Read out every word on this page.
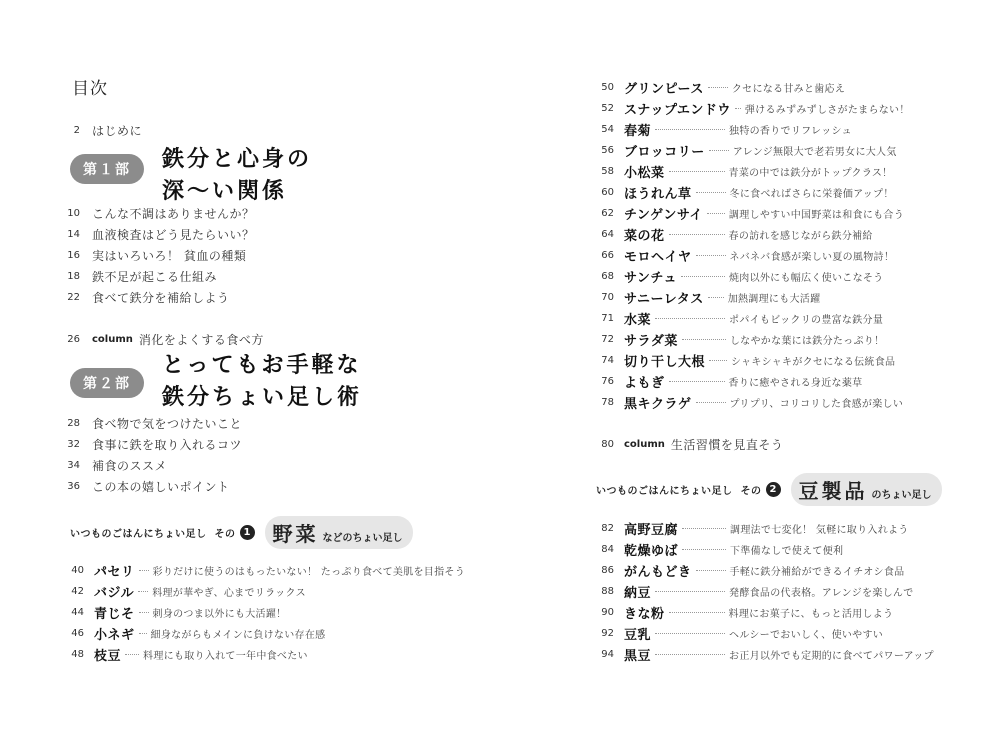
目次
2 はじめに
第１部	鉄分と心身の
深〜い関係
10 こんな不調はありませんか？
14 血液検査はどう見たらいい？
16 実はいろいろ！ 貧血の種類
18 鉄不足が起こる仕組み
22 食べて鉄分を補給しよう
26 column 消化をよくする食べ方
第２部
とってもお手軽な
鉄分ちょい足し術
28 食べ物で気をつけたいこと
32 食事に鉄を取り入れるコツ
34 補食のススメ
36 この本の嬉しいポイント
いつものごはんにちょい足し その 1 野菜 などのちょい足し
40 パセリ 彩りだけに使うのはもったいない！ たっぷり食べて美肌を目指そう
42 バジル 料理が華やぎ、心までリラックス
44 青じそ 刺身のつま以外にも大活躍！
46 小ネギ 細身ながらもメインに負けない存在感
48 枝豆 料理にも取り入れて一年中食べたい
50 グリンピース	クセになる甘みと歯応え
52 スナップエンドウ 弾けるみずみずしさがたまらない！
54 春菊	独特の香りでリフレッシュ
56 ブロッコリー	アレンジ無限大で老若男女に大人気
58 小松菜	青菜の中では鉄分がトップクラス！
60 ほうれん草	冬に食べればさらに栄養価アップ！
62 チンゲンサイ	調理しやすい中国野菜は和食にも合う
64 菜の花	春の訪れを感じながら鉄分補給
66 モロヘイヤ	ネバネバ食感が楽しい夏の風物詩！
68 サンチュ	焼肉以外にも幅広く使いこなそう
70 サニーレタス 加熱調理にも大活躍
71 水菜	ポパイもビックリの豊富な鉄分量
72 サラダ菜	しなやかな葉には鉄分たっぷり！
74 切り干し大根	シャキシャキがクセになる伝統食品
76 よもぎ	香りに癒やされる身近な薬草
78 黒キクラゲ	プリプリ、コリコリした食感が楽しい
80 column 生活習慣を見直そう
いつものごはんにちょい足し その 2 豆製品 のちょい足し
82 高野豆腐	調理法で七変化！ 気軽に取り入れよう
84 乾燥ゆば	下準備なしで使えて便利
86 がんもどき	手軽に鉄分補給ができるイチオシ食品
88 納豆	発酵食品の代表格。アレンジを楽しんで
90 きな粉	料理にお菓子に、もっと活用しよう
92 豆乳	ヘルシーでおいしく、使いやすい
94 黒豆	お正月以外でも定期的に食べてパワーアップ
